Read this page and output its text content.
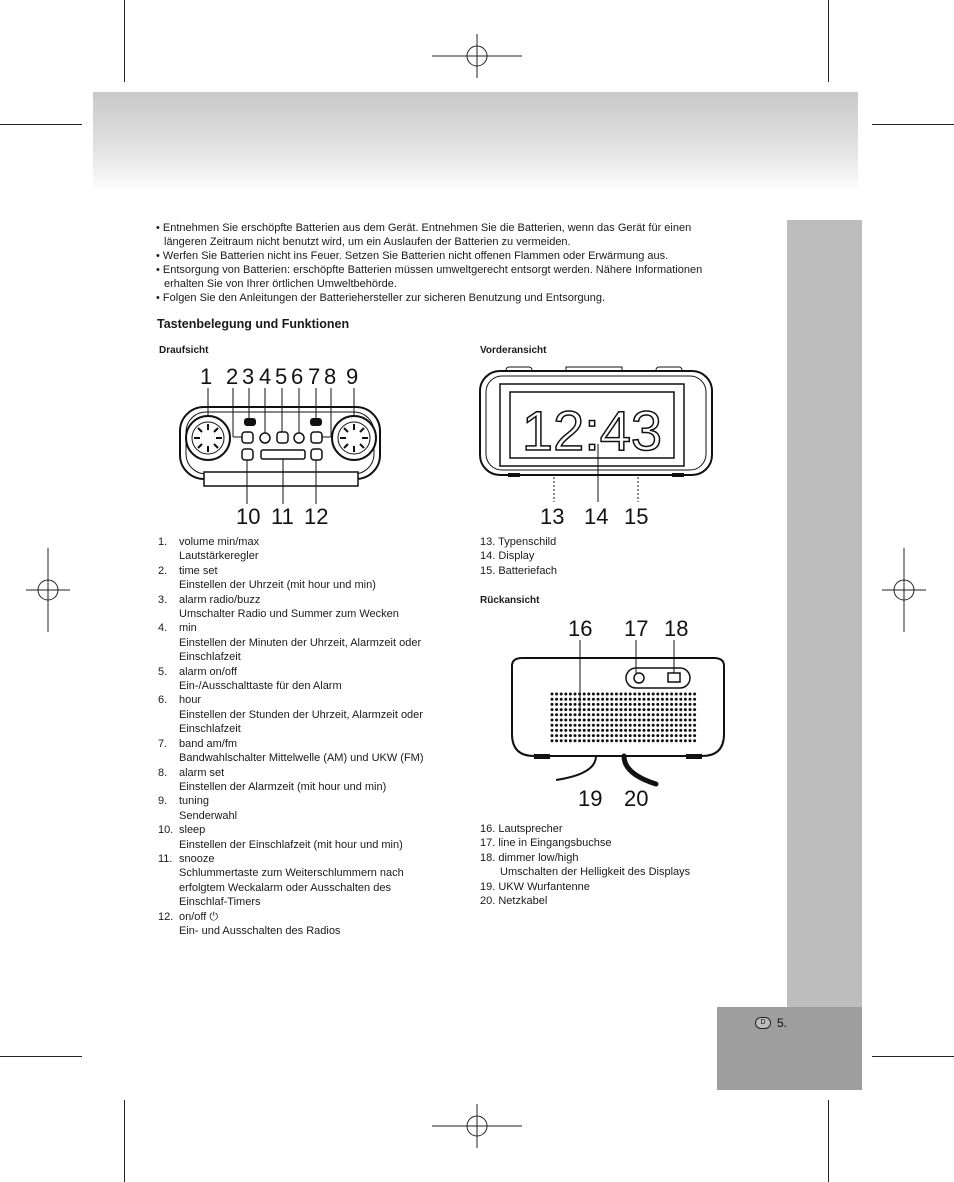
D 5.

• Entnehmen Sie erschöpfte Batterien aus dem Gerät. Entnehmen Sie die Batterien, wenn das Gerät für einen längeren Zeitraum nicht benutzt wird, um ein Auslaufen der Batterien zu vermeiden.

• Werfen Sie Batterien nicht ins Feuer. Setzen Sie Batterien nicht offenen Flammen oder Erwärmung aus.

• Entsorgung von Batterien: erschöpfte Batterien müssen umweltgerecht entsorgt werden. Nähere Informationen erhalten Sie von Ihrer örtlichen Umweltbehörde.

• Folgen Sie den Anleitungen der Batteriehersteller zur sicheren Benutzung und Entsorgung.

Tastenbelegung und Funktionen
Draufsicht	Vorderansicht
Rückansicht
1 2 3 4 5 6 7 8 9
10 11 12
12:43
13 14 15
16 17 18
19 20
1.	volume min/max
Lautstärkeregler
2.	time set
Einstellen der Uhrzeit (mit hour und min)
3.	alarm radio/buzz
Umschalter Radio und Summer zum Wecken
4.	min
Einstellen der Minuten der Uhrzeit, Alarmzeit oder Einschlafzeit
5.	alarm on/off
Ein-/Ausschalttaste für den Alarm
6.	hour
Einstellen der Stunden der Uhrzeit, Alarmzeit oder Einschlafzeit
7.	band am/fm
Bandwahlschalter Mittelwelle (AM) und UKW (FM)
8.	alarm set
Einstellen der Alarmzeit (mit hour und min)
9.	tuning
Senderwahl
10. sleep
Einstellen der Einschlafzeit (mit hour und min)
11. snooze
Schlummertaste zum Weiterschlummern nach erfolgtem Weckalarm oder Ausschalten des Einschlaf-Timers
12. on/off ⏻
Ein- und Ausschalten des Radios
13. Typenschild
14. Display
15. Batteriefach
16. Lautsprecher
17. line in Eingangsbuchse
18. dimmer low/high
Umschalten der Helligkeit des Displays
19. UKW Wurfantenne
20. Netzkabel
